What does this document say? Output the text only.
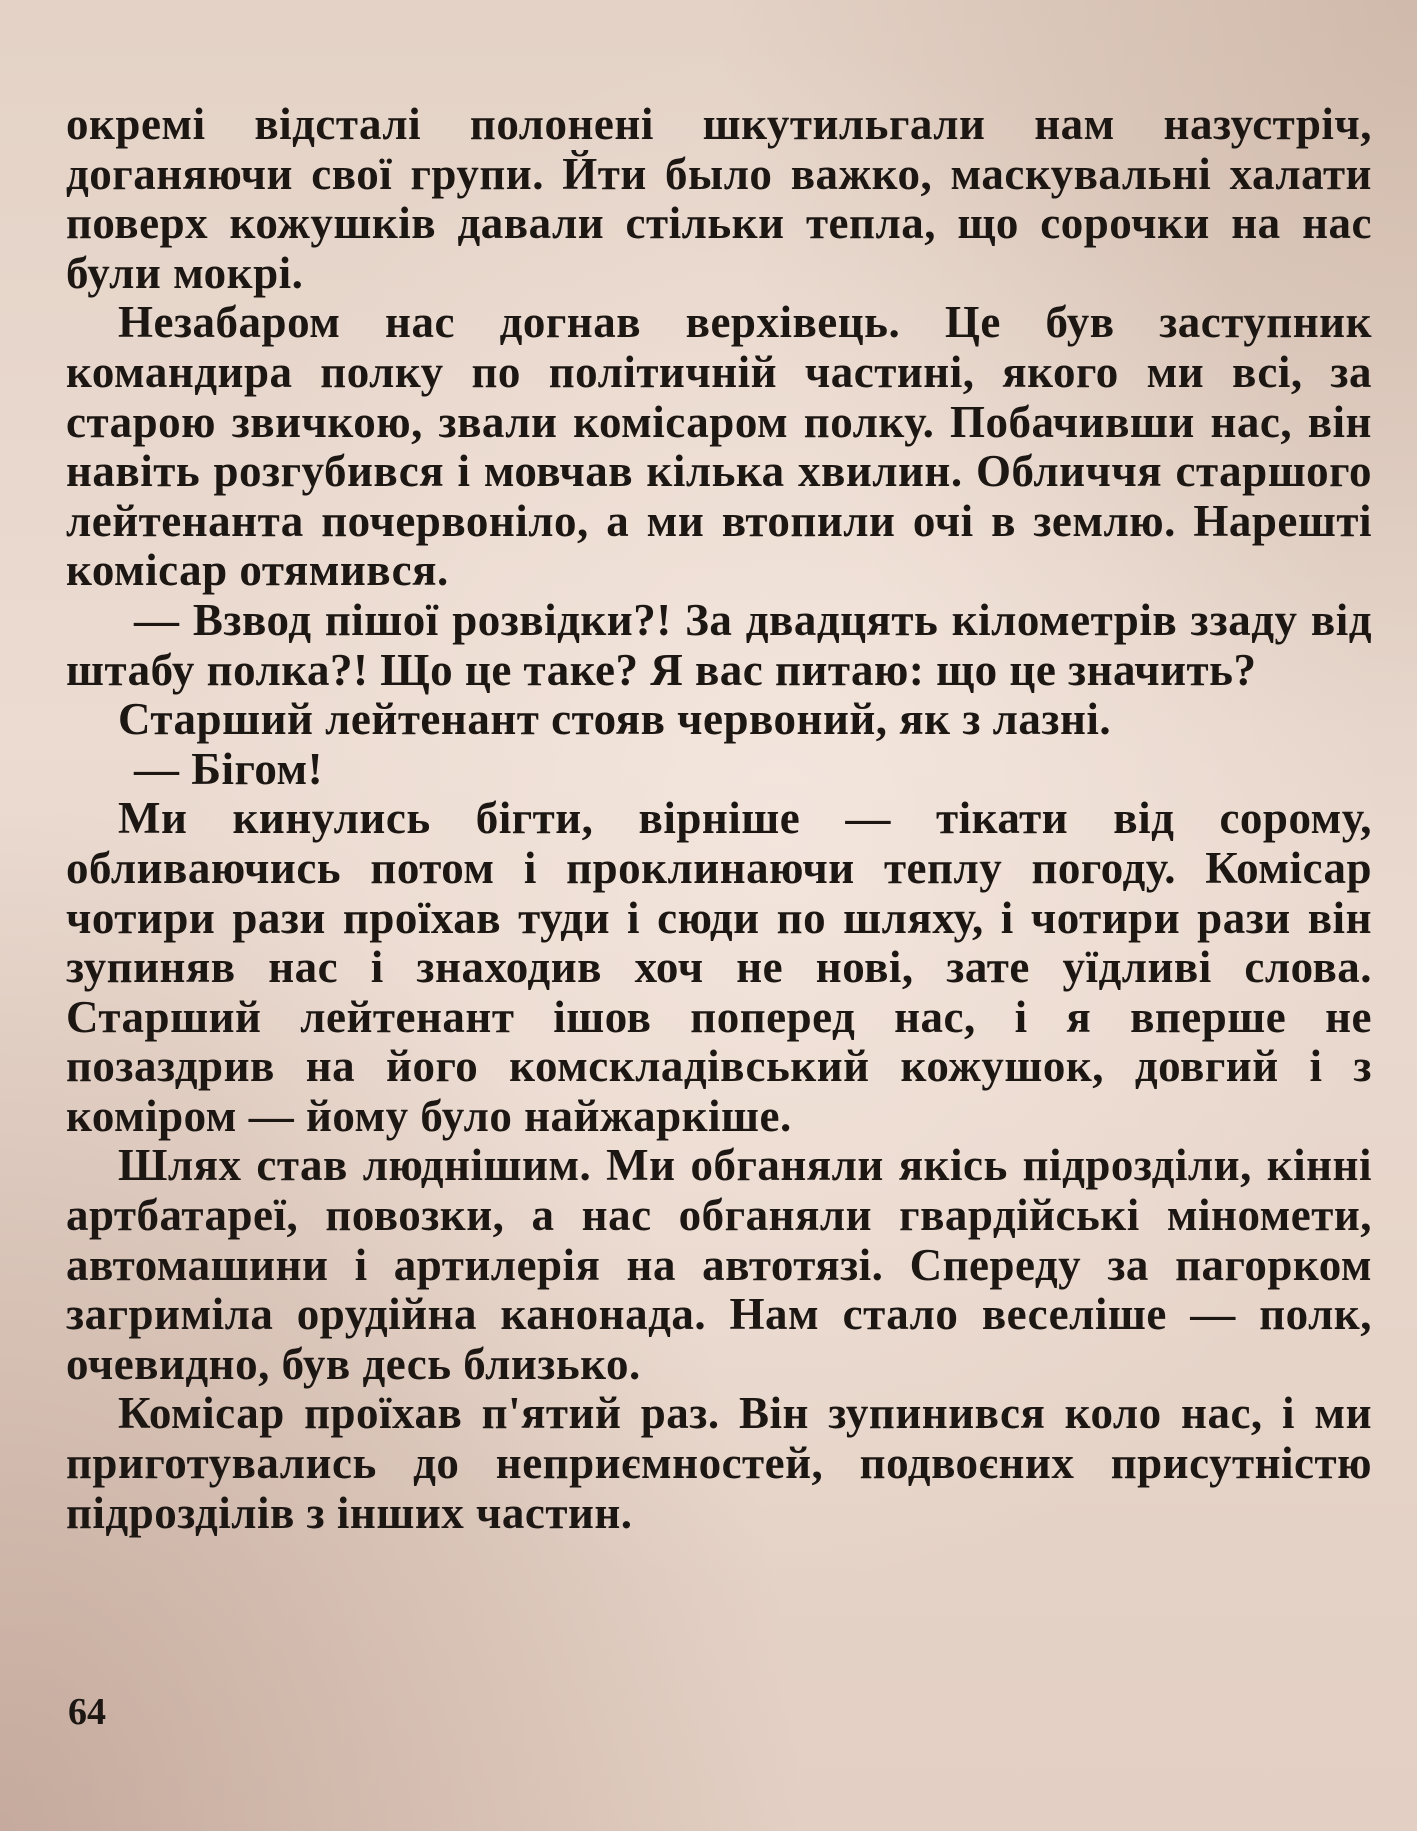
окремі відсталі полонені шкутильгали нам назустріч, доганяючи свої групи. Йти было важко, маскувальні халати поверх кожушків давали стільки тепла, що сорочки на нас були мокрі.

Незабаром нас догнав верхівець. Це був заступник командира полку по політичній частині, якого ми всі, за старою звичкою, звали комісаром полку. Побачивши нас, він навіть розгубився і мовчав кілька хвилин. Обличчя старшого лейтенанта почервоніло, а ми втопили очі в землю. Нарешті комісар отямився.

— Взвод пішої розвідки?! За двадцять кілометрів ззаду від штабу полка?! Що це таке? Я вас питаю: що це значить?

Старший лейтенант стояв червоний, як з лазні.

— Бігом!

Ми кинулись бігти, вірніше — тікати від сорому, обливаючись потом і проклинаючи теплу погоду. Комісар чотири рази проїхав туди і сюди по шляху, і чотири рази він зупиняв нас і знаходив хоч не нові, зате уїдливі слова. Старший лейтенант ішов поперед нас, і я вперше не позаздрив на його комскладівський кожушок, довгий і з коміром — йому було найжаркіше.

Шлях став люднішим. Ми обганяли якісь підрозділи, кінні артбатареї, повозки, а нас обганяли гвардійські міномети, автомашини і артилерія на автотязі. Спереду за пагорком загриміла орудійна канонада. Нам стало веселіше — полк, очевидно, був десь близько.

Комісар проїхав п'ятий раз. Він зупинився коло нас, і ми приготувались до неприємностей, подвоєних присутністю підрозділів з інших частин.

64
